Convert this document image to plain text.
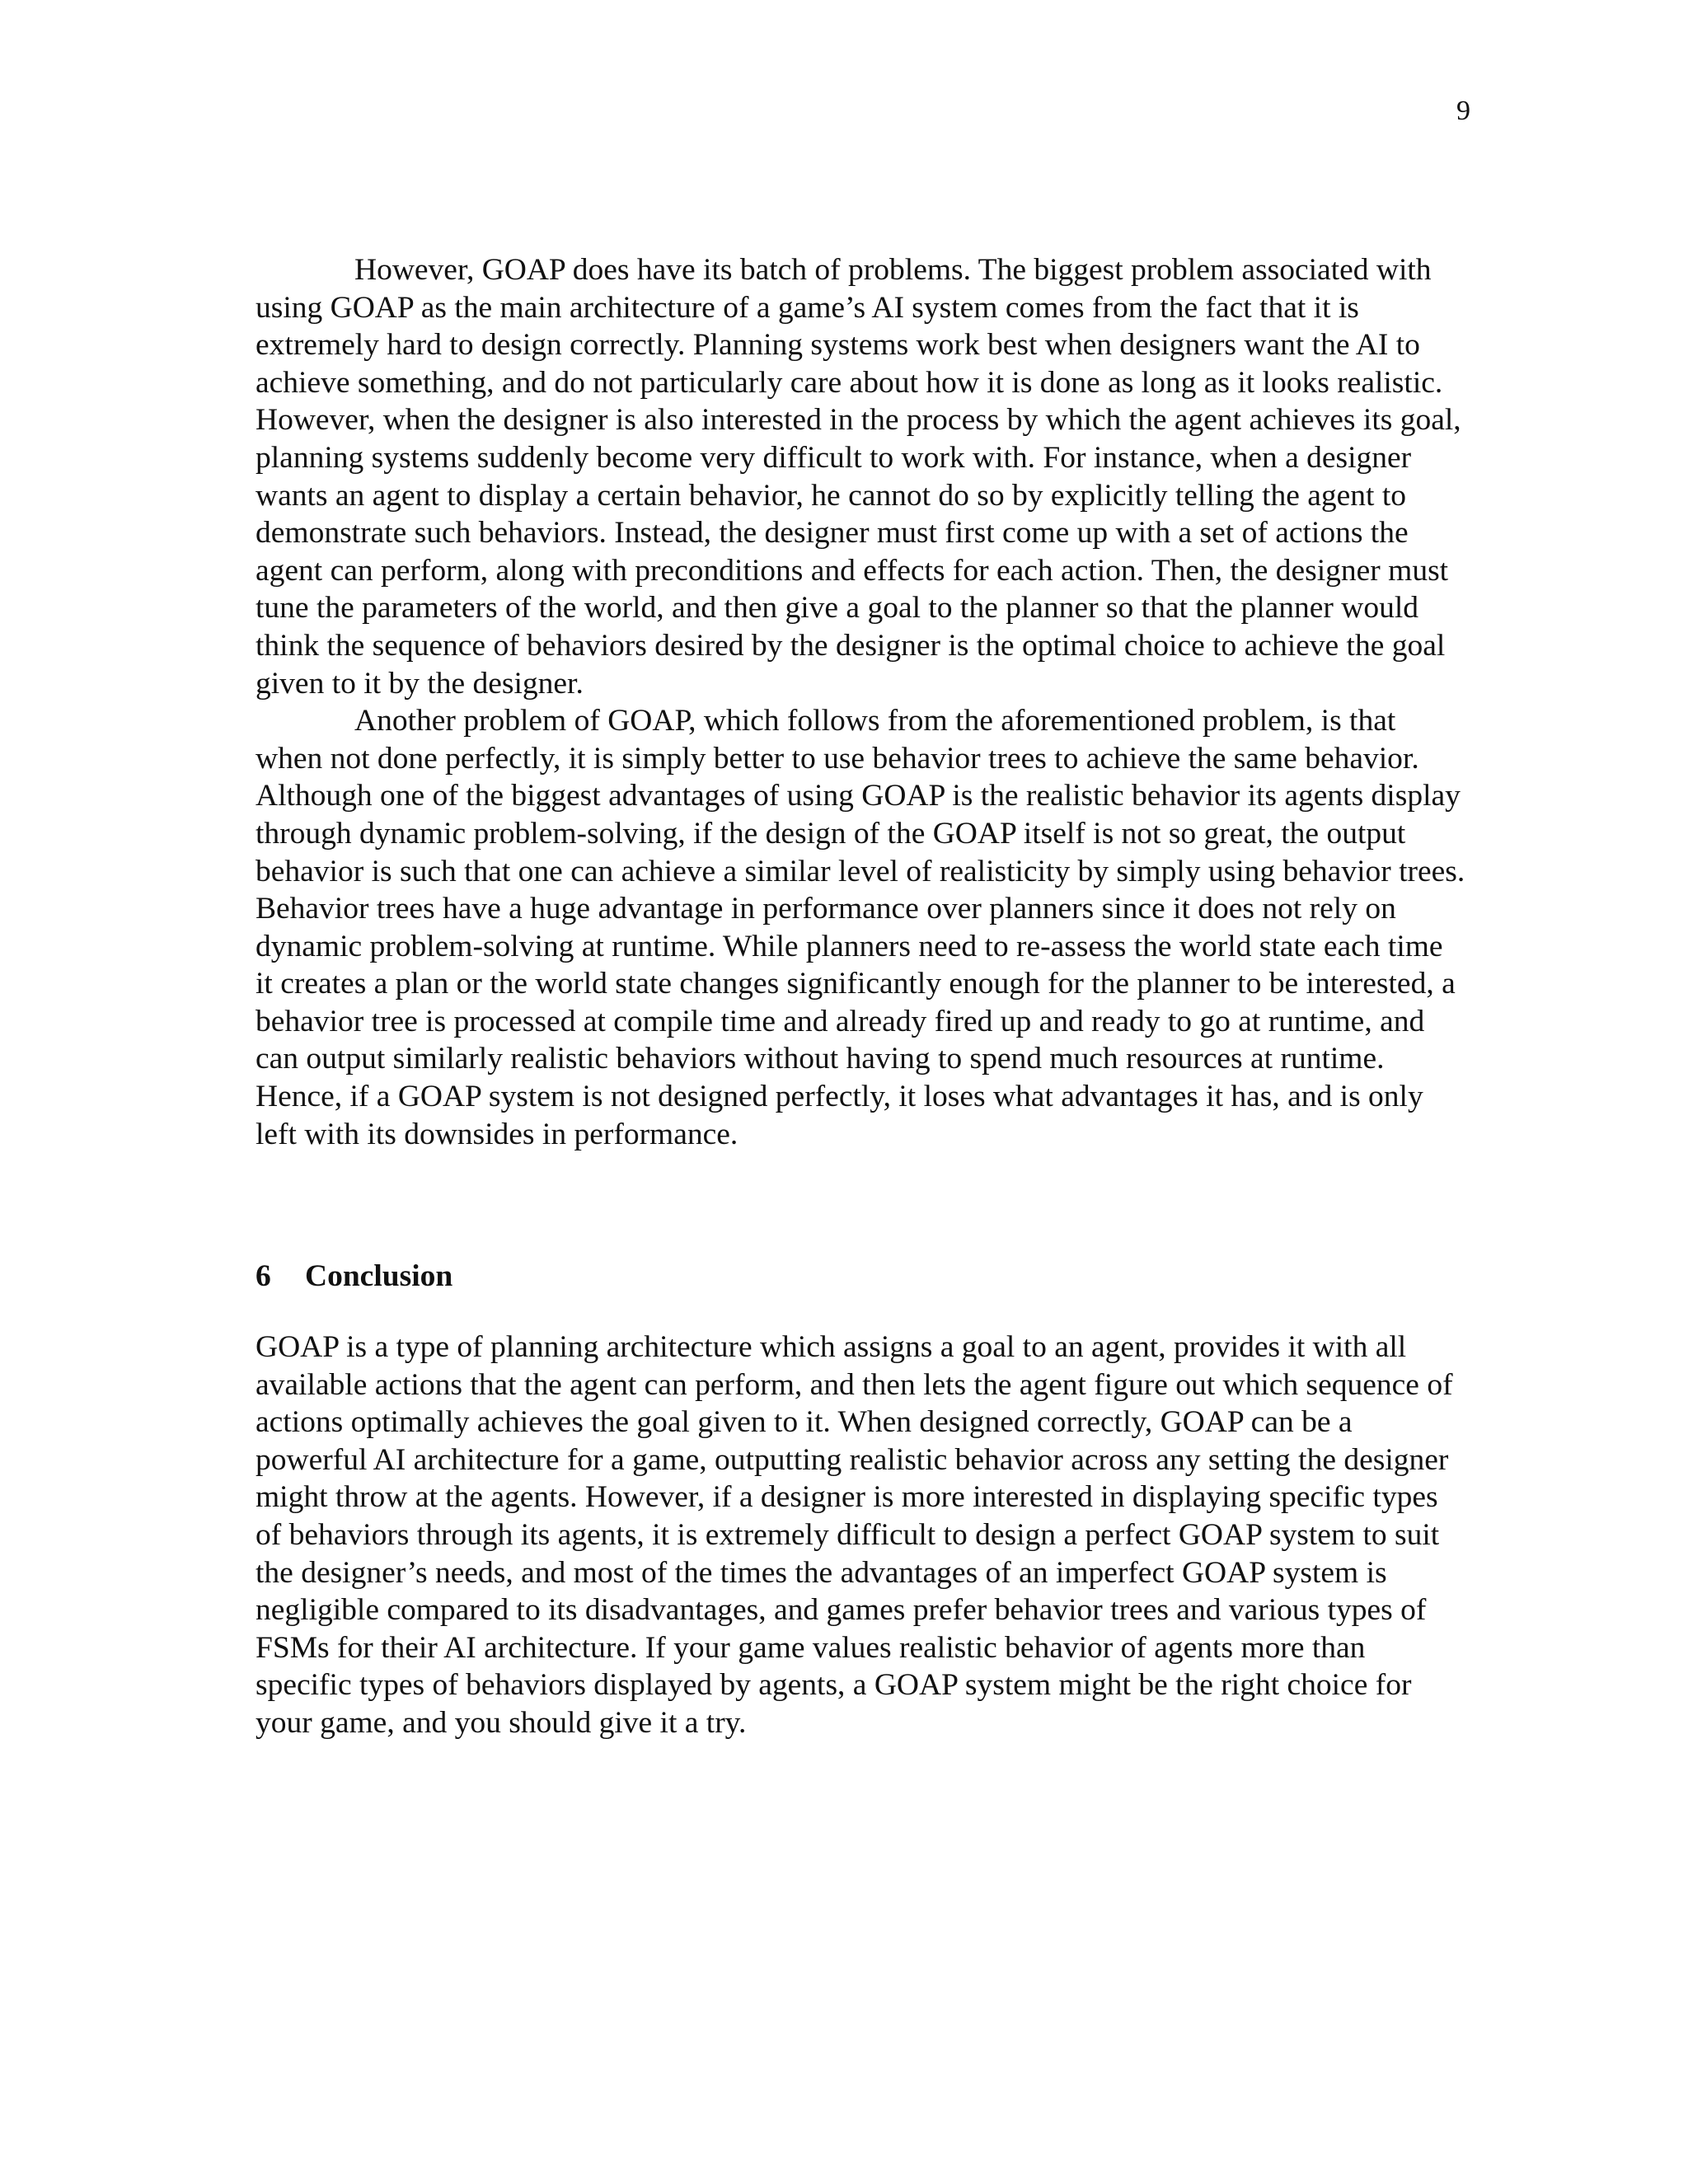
9

However, GOAP does have its batch of problems. The biggest problem associated with using GOAP as the main architecture of a game’s AI system comes from the fact that it is extremely hard to design correctly. Planning systems work best when designers want the AI to achieve something, and do not particularly care about how it is done as long as it looks realistic. However, when the designer is also interested in the process by which the agent achieves its goal, planning systems suddenly become very difficult to work with. For instance, when a designer wants an agent to display a certain behavior, he cannot do so by explicitly telling the agent to demonstrate such behaviors. Instead, the designer must first come up with a set of actions the agent can perform, along with preconditions and effects for each action. Then, the designer must tune the parameters of the world, and then give a goal to the planner so that the planner would think the sequence of behaviors desired by the designer is the optimal choice to achieve the goal given to it by the designer.

Another problem of GOAP, which follows from the aforementioned problem, is that when not done perfectly, it is simply better to use behavior trees to achieve the same behavior. Although one of the biggest advantages of using GOAP is the realistic behavior its agents display through dynamic problem-solving, if the design of the GOAP itself is not so great, the output behavior is such that one can achieve a similar level of realisticity by simply using behavior trees. Behavior trees have a huge advantage in performance over planners since it does not rely on dynamic problem-solving at runtime. While planners need to re-assess the world state each time it creates a plan or the world state changes significantly enough for the planner to be interested, a behavior tree is processed at compile time and already fired up and ready to go at runtime, and can output similarly realistic behaviors without having to spend much resources at runtime. Hence, if a GOAP system is not designed perfectly, it loses what advantages it has, and is only left with its downsides in performance.

6	Conclusion

GOAP is a type of planning architecture which assigns a goal to an agent, provides it with all available actions that the agent can perform, and then lets the agent figure out which sequence of actions optimally achieves the goal given to it. When designed correctly, GOAP can be a powerful AI architecture for a game, outputting realistic behavior across any setting the designer might throw at the agents. However, if a designer is more interested in displaying specific types of behaviors through its agents, it is extremely difficult to design a perfect GOAP system to suit the designer’s needs, and most of the times the advantages of an imperfect GOAP system is negligible compared to its disadvantages, and games prefer behavior trees and various types of FSMs for their AI architecture. If your game values realistic behavior of agents more than specific types of behaviors displayed by agents, a GOAP system might be the right choice for your game, and you should give it a try.
